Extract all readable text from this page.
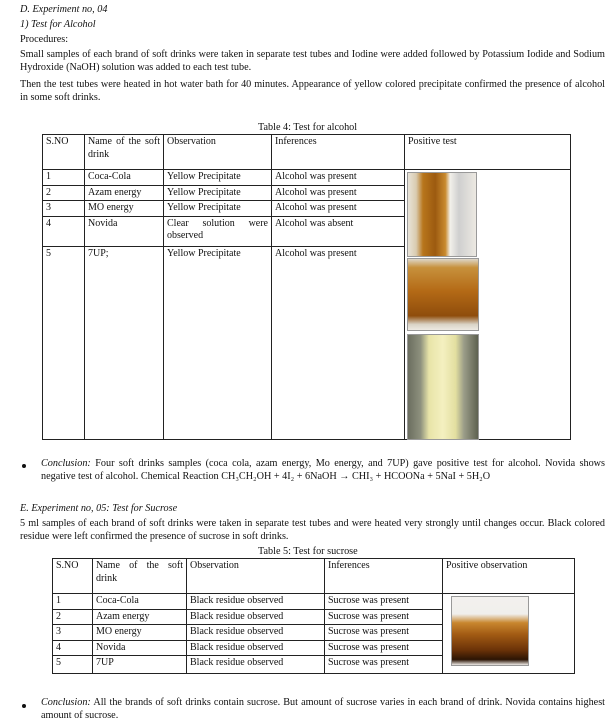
D. Experiment no, 04
1) Test for Alcohol
Procedures:

Small samples of each brand of soft drinks were taken in separate test tubes and Iodine were added followed by Potassium Iodide and Sodium Hydroxide (NaOH) solution was added to each test tube.

Then the test tubes were heated in hot water bath for 40 minutes. Appearance of yellow colored precipitate confirmed the presence of alcohol in some soft drinks.

Table 4: Test for alcohol
S.NO	Name of the soft drink	Observation	Inferences	Positive test
1	Coca-Cola	Yellow Precipitate	Alcohol was present	

2	Azam energy	Yellow Precipitate	Alcohol was present	
3	MO energy	Yellow Precipitate	Alcohol was present	
4	Novida	Clear solution were observed	Alcohol was absent	
5	7UP;	Yellow Precipitate	Alcohol was present	

Conclusion: Four soft drinks samples (coca cola, azam energy, Mo energy, and 7UP) gave positive test for alcohol. Novida shows negative test of alcohol. Chemical Reaction CH₃CH₂OH + 4I₂ + 6NaOH → CHI₃ + HCOONa + 5NaI + 5H₂O

E. Experiment no, 05: Test for Sucrose

5 ml samples of each brand of soft drinks were taken in separate test tubes and were heated very strongly until changes occur. Black colored residue were left confirmed the presence of sucrose in soft drinks.

Table 5: Test for sucrose
S.NO	Name of the soft drink	Observation	Inferences	Positive observation
1	Coca-Cola	Black residue observed	Sucrose was present	

2	Azam energy	Black residue observed	Sucrose was present	
3	MO energy	Black residue observed	Sucrose was present	
4	Novida	Black residue observed	Sucrose was present	
5	7UP	Black residue observed	Sucrose was present	

Conclusion: All the brands of soft drinks contain sucrose. But amount of sucrose varies in each brand of drink. Novida contains highest amount of sucrose.
